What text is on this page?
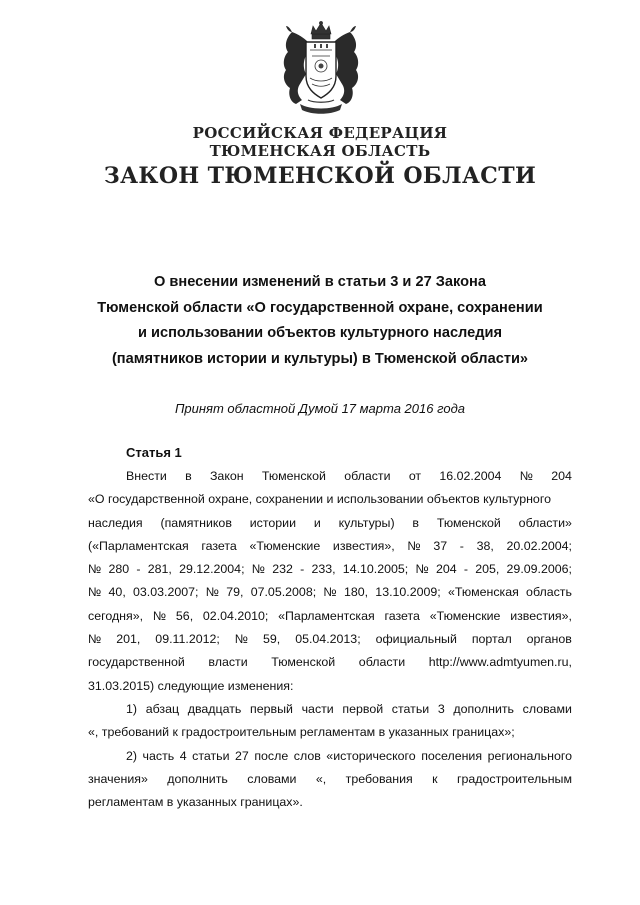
РОССИЙСКАЯ ФЕДЕРАЦИЯ
ТЮМЕНСКАЯ ОБЛАСТЬ
ЗАКОН ТЮМЕНСКОЙ ОБЛАСТИ
О внесении изменений в статьи 3 и 27 Закона
Тюменской области «О государственной охране, сохранении
и использовании объектов культурного наследия
(памятников истории и культуры) в Тюменской области»
Принят областной Думой 17 марта 2016 года
Статья 1
Внести в Закон Тюменской области от 16.02.2004 № 204
«О государственной охране, сохранении и использовании объектов культурного
наследия (памятников истории и культуры) в Тюменской области»
(«Парламентская газета «Тюменские известия», № 37 - 38, 20.02.2004;
№ 280 - 281, 29.12.2004; № 232 - 233, 14.10.2005; № 204 - 205, 29.09.2006;
№ 40, 03.03.2007; № 79, 07.05.2008; № 180, 13.10.2009; «Тюменская область
сегодня», № 56, 02.04.2010; «Парламентская газета «Тюменские известия»,
№ 201, 09.11.2012; № 59, 05.04.2013; официальный портал органов
государственной власти Тюменской области http://www.admtyumen.ru,
31.03.2015) следующие изменения:
1) абзац двадцать первый части первой статьи 3 дополнить словами
«, требований к градостроительным регламентам в указанных границах»;
2) часть 4 статьи 27 после слов «исторического поселения регионального
значения» дополнить словами «, требования к градостроительным
регламентам в указанных границах».
